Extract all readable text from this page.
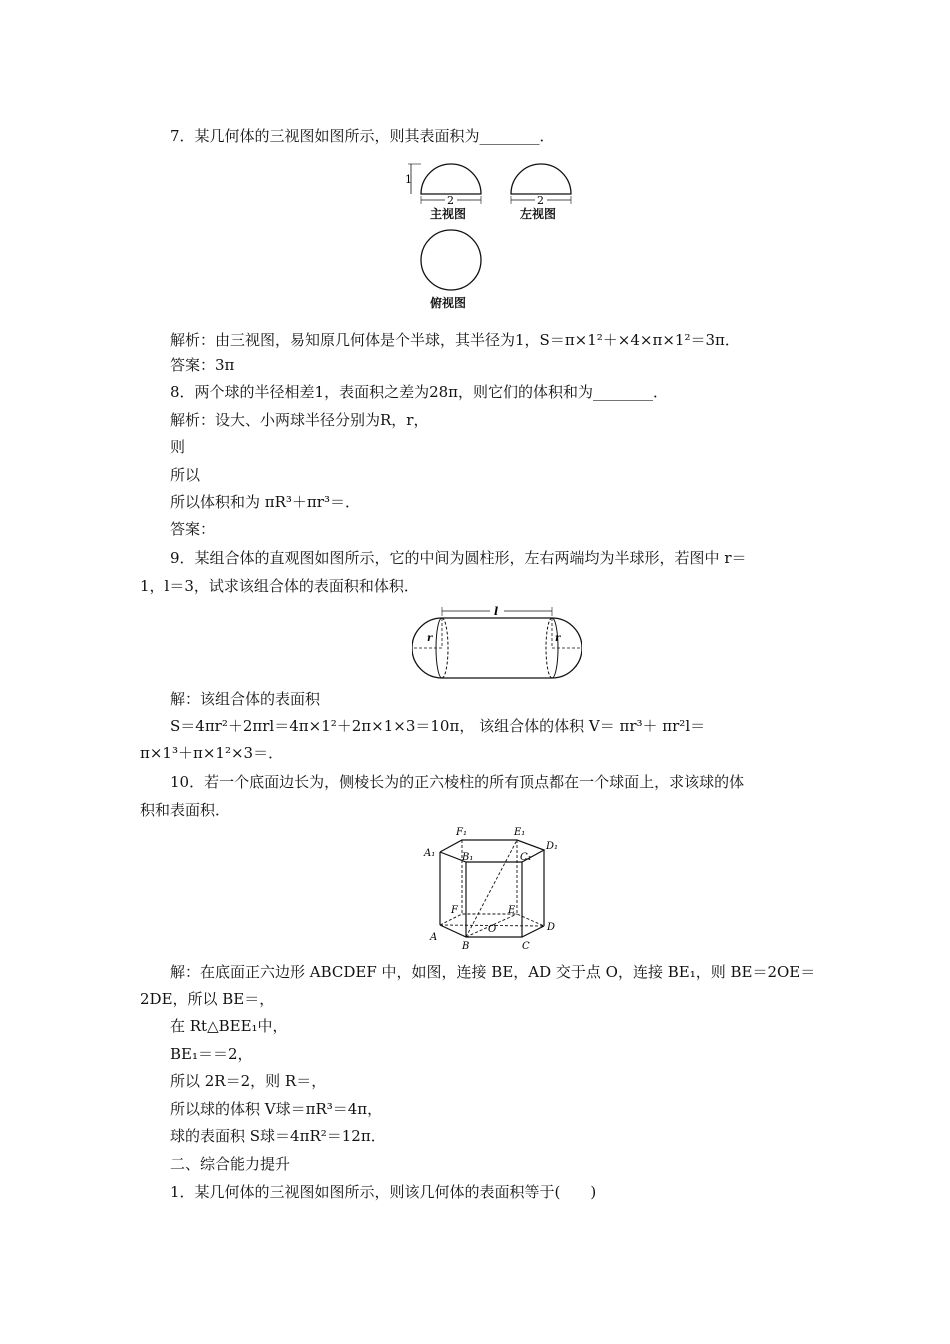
7．某几何体的三视图如图所示，则其表面积为________．
1
2	2
主视图	左视图
俯视图
解析：由三视图，易知原几何体是个半球，其半径为1，S＝π×1²＋×4×π×1²＝3π．
答案：3π
8．两个球的半径相差1，表面积之差为28π，则它们的体积和为________．
解析：设大、小两球半径分别为R，r，
则
所以
所以体积和为 πR³＋πr³＝．
答案：
9．某组合体的直观图如图所示，它的中间为圆柱形，左右两端均为半球形，若图中 r＝
1，l＝3，试求该组合体的表面积和体积．
l
r	r
解：该组合体的表面积
S＝4πr²＋2πrl＝4π×1²＋2π×1×3＝10π， 该组合体的体积 V＝ πr³＋ πr²l＝
π×1³＋π×1²×3＝．
10．若一个底面边长为，侧棱长为的正六棱柱的所有顶点都在一个球面上，求该球的体
积和表面积．
A₁
F₁	E₁
D₁
B₁	C₁
F	E
A
B
O
C
D
解：在底面正六边形 ABCDEF 中，如图，连接 BE，AD 交于点 O，连接 BE₁，则 BE＝2OE＝
2DE，所以 BE＝，
在 Rt△BEE₁中，
BE₁＝＝2，
所以 2R＝2，则 R＝，
所以球的体积 V球＝πR³＝4π，
球的表面积 S球＝4πR²＝12π．
二、综合能力提升
1．某几何体的三视图如图所示，则该几何体的表面积等于(　　)
